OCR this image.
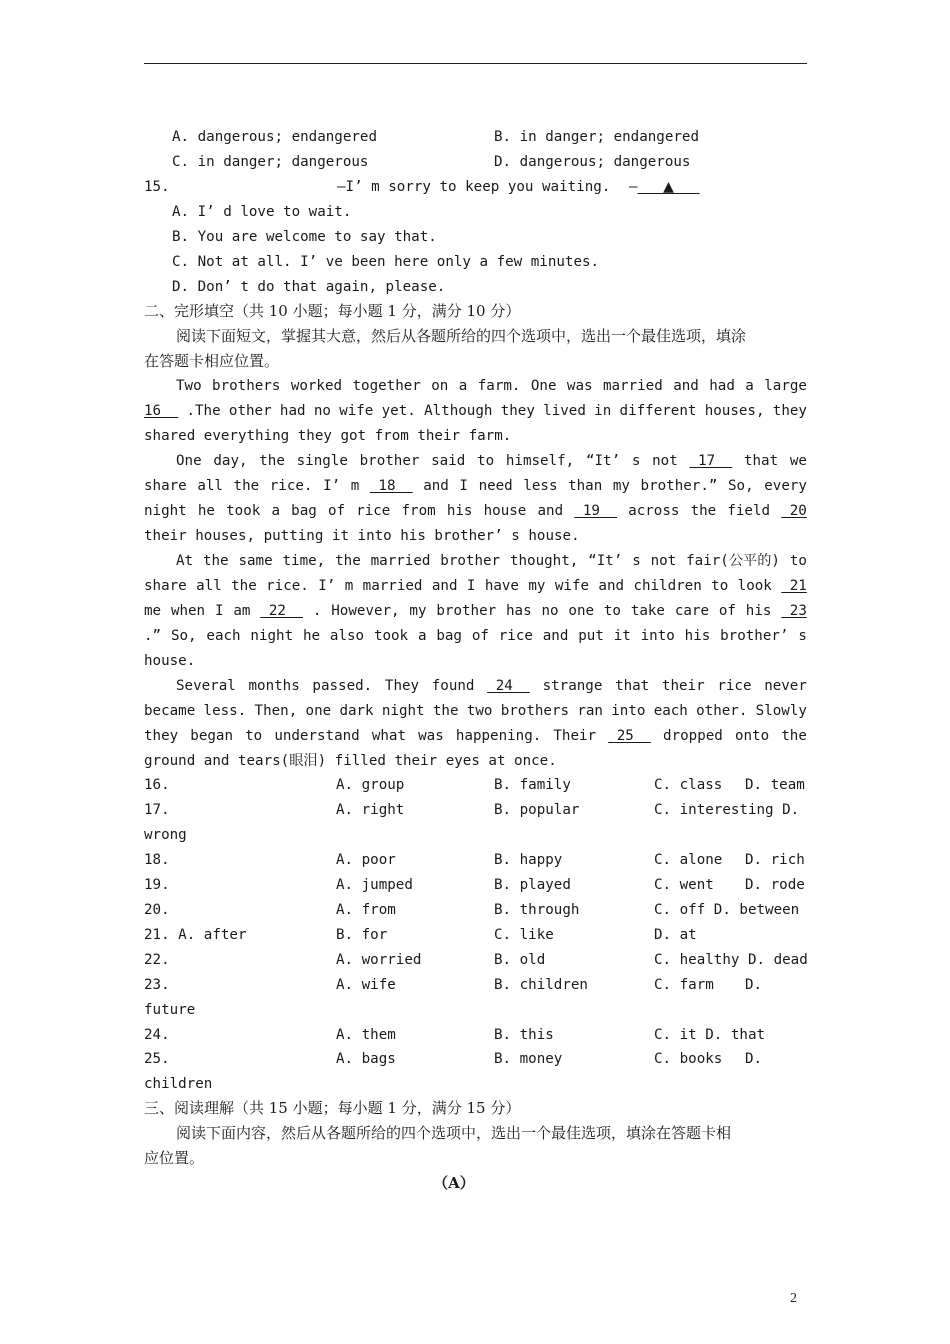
A. dangerous; endangered	B. in danger; endangered
C. in danger; dangerous	D. dangerous; dangerous
15.	—I’ m sorry to keep you waiting.	— ▲
A. I’ d love to wait.
B. You are welcome to say that.
C. Not at all. I’ ve been here only a few minutes.
D. Don’ t do that again, please.
二、完形填空（共 10 小题；每小题 1 分，满分 10 分）
阅读下面短文，掌握其大意，然后从各题所给的四个选项中，选出一个最佳选项，填涂
在答题卡相应位置。
Two brothers worked together on a farm. One was married and had a large
16 .The other had no wife yet. Although they lived in different houses, they
shared everything they got from their farm.
One day, the single brother said to himself, “It’ s not 17 that we
share all the rice. I’ m 18 and I need less than my brother.” So, every
night he took a bag of rice from his house and 19 across the field 20
their houses, putting it into his brother’ s house.
At the same time, the married brother thought, “It’ s not fair(公平的) to
share all the rice. I’ m married and I have my wife and children to look 21
me when I am 22 . However, my brother has no one to take care of his 23
.” So, each night he also took a bag of rice and put it into his brother’ s
house.
Several months passed. They found 24 strange that their rice never
became less. Then, one dark night the two brothers ran into each other. Slowly
they began to understand what was happening. Their 25 dropped onto the
ground and tears(眼泪) filled their eyes at once.
16.	A. group	B. family	C. class	D. team
17.	A. right	B. popular	C. interesting D.
wrong
18.	A. poor	B. happy	C. alone	D. rich
19.	A. jumped	B. played	C. went	D. rode
20.	A. from	B. through	C. off D. between
21. A. after	B. for	C. like	D. at
22.	A. worried	B. old	C. healthy D. dead
23.	A. wife	B. children	C. farm	D.
future
24.	A. them	B. this	C. it D. that
25.	A. bags	B. money	C. books	D.
children
三、阅读理解（共 15 小题；每小题 1 分，满分 15 分）
阅读下面内容，然后从各题所给的四个选项中，选出一个最佳选项，填涂在答题卡相
应位置。
（A）
2
